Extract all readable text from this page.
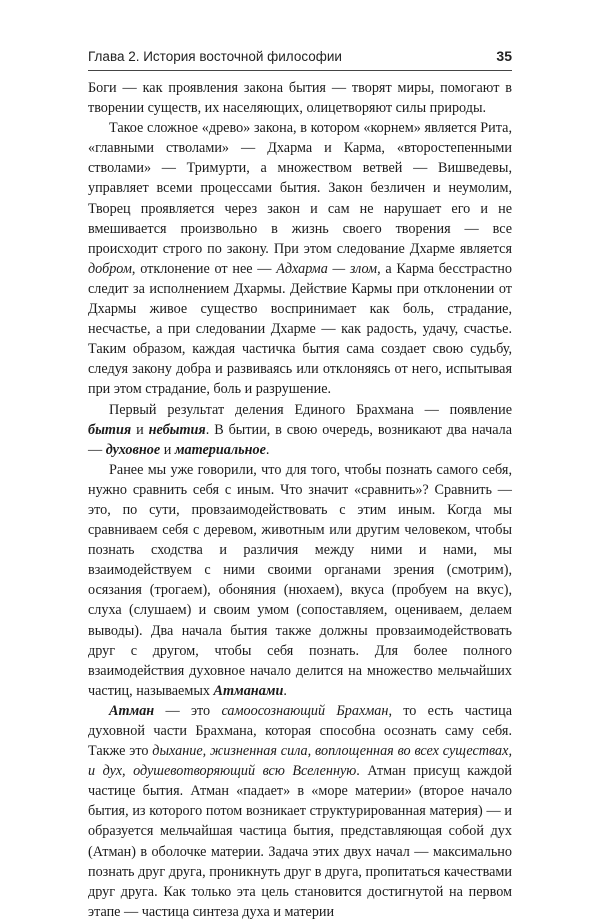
Глава 2. История восточной философии	35

Боги — как проявления закона бытия — творят миры, помогают в творении существ, их населяющих, олицетворяют силы природы.

Такое сложное «древо» закона, в котором «корнем» является Рита, «главными стволами» — Дхарма и Карма, «второстепенными стволами» — Тримурти, а множеством ветвей — Вишведевы, управляет всеми процессами бытия. Закон безличен и неумолим, Творец проявляется через закон и сам не нарушает его и не вмешивается произвольно в жизнь своего творения — все происходит строго по закону. При этом следование Дхарме является добром, отклонение от нее — Адхарма — злом, а Карма бесстрастно следит за исполнением Дхармы. Действие Кармы при отклонении от Дхармы живое существо воспринимает как боль, страдание, несчастье, а при следовании Дхарме — как радость, удачу, счастье. Таким образом, каждая частичка бытия сама создает свою судьбу, следуя закону добра и развиваясь или отклоняясь от него, испытывая при этом страдание, боль и разрушение.

Первый результат деления Единого Брахмана — появление бытия и небытия. В бытии, в свою очередь, возникают два начала — духовное и материальное.

Ранее мы уже говорили, что для того, чтобы познать самого себя, нужно сравнить себя с иным. Что значит «сравнить»? Сравнить — это, по сути, провзаимодействовать с этим иным. Когда мы сравниваем себя с деревом, животным или другим человеком, чтобы познать сходства и различия между ними и нами, мы взаимодействуем с ними своими органами зрения (смотрим), осязания (трогаем), обоняния (нюхаем), вкуса (пробуем на вкус), слуха (слушаем) и своим умом (сопоставляем, оцениваем, делаем выводы). Два начала бытия также должны провзаимодействовать друг с другом, чтобы себя познать. Для более полного взаимодействия духовное начало делится на множество мельчайших частиц, называемых Атманами.

Атман — это самоосознающий Брахман, то есть частица духовной части Брахмана, которая способна осознать саму себя. Также это дыхание, жизненная сила, воплощенная во всех существах, и дух, одушевотворяющий всю Вселенную. Атман присущ каждой частице бытия. Атман «падает» в «море материи» (второе начало бытия, из которого потом возникает структурированная материя) — и образуется мельчайшая частица бытия, представляющая собой дух (Атман) в оболочке материи. Задача этих двух начал — максимально познать друг друга, проникнуть друг в друга, пропитаться качествами друг друга. Как только эта цель становится достигнутой на первом этапе — частица синтеза духа и материи
